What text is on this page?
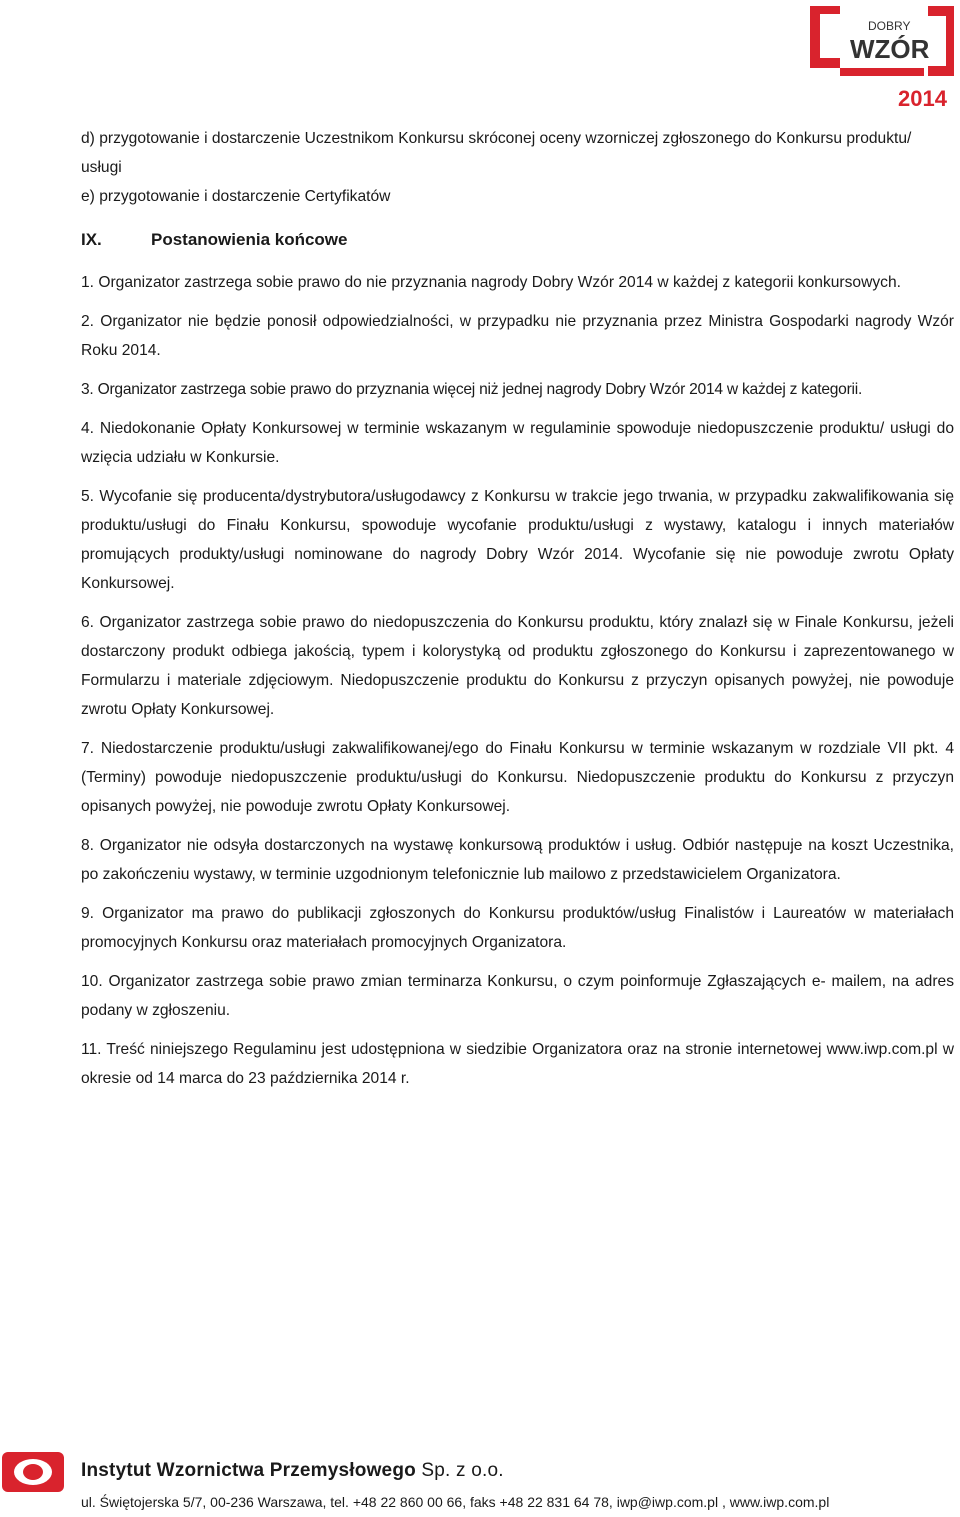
DOBRY
WZÓR
2014

d) przygotowanie i dostarczenie Uczestnikom Konkursu skróconej oceny wzorniczej zgłoszonego do Konkursu produktu/
usługi

e) przygotowanie i dostarczenie Certyfikatów

IX.	Postanowienia końcowe

1. Organizator zastrzega sobie prawo do nie przyznania nagrody Dobry Wzór 2014 w każdej z kategorii konkursowych.

2. Organizator nie będzie ponosił odpowiedzialności, w przypadku nie przyznania przez Ministra Gospodarki nagrody Wzór Roku 2014.

3. Organizator zastrzega sobie prawo do przyznania więcej niż jednej nagrody Dobry Wzór 2014 w każdej z kategorii.

4. Niedokonanie Opłaty Konkursowej w terminie wskazanym w regulaminie spowoduje niedopuszczenie produktu/ usługi do wzięcia udziału w Konkursie.

5. Wycofanie się producenta/dystrybutora/usługodawcy z Konkursu w trakcie jego trwania, w przypadku zakwalifikowania się produktu/usługi do Finału Konkursu, spowoduje wycofanie produktu/usługi z wystawy, katalogu i innych materiałów promujących produkty/usługi nominowane do nagrody Dobry Wzór 2014. Wycofanie się nie powoduje zwrotu Opłaty Konkursowej.

6. Organizator zastrzega sobie prawo do niedopuszczenia do Konkursu produktu, który znalazł się w Finale Konkursu, jeżeli dostarczony produkt odbiega jakością, typem i kolorystyką od produktu zgłoszonego do Konkursu i zaprezentowanego w Formularzu i materiale zdjęciowym. Niedopuszczenie produktu do Konkursu z przyczyn opisanych powyżej, nie powoduje zwrotu Opłaty Konkursowej.

7. Niedostarczenie produktu/usługi zakwalifikowanej/ego do Finału Konkursu w terminie wskazanym w rozdziale VII pkt. 4 (Terminy) powoduje niedopuszczenie produktu/usługi do Konkursu. Niedopuszczenie produktu do Konkursu z przyczyn opisanych powyżej, nie powoduje zwrotu Opłaty Konkursowej.

8. Organizator nie odsyła dostarczonych na wystawę konkursową produktów i usług. Odbiór następuje na koszt Uczestnika, po zakończeniu wystawy, w terminie uzgodnionym telefonicznie lub mailowo z przedstawicielem Organizatora.

9. Organizator ma prawo do publikacji zgłoszonych do Konkursu produktów/usług Finalistów i Laureatów w materiałach promocyjnych Konkursu oraz materiałach promocyjnych Organizatora.

10. Organizator zastrzega sobie prawo zmian terminarza Konkursu, o czym poinformuje Zgłaszających e- mailem, na adres podany w zgłoszeniu.

11. Treść niniejszego Regulaminu jest udostępniona w siedzibie Organizatora oraz na stronie internetowej www.iwp.com.pl w okresie od 14 marca do 23 października 2014 r.

Instytut Wzornictwa Przemysłowego Sp. z o.o.
ul. Świętojerska 5/7, 00-236 Warszawa, tel. +48 22 860 00 66, faks +48 22 831 64 78, iwp@iwp.com.pl , www.iwp.com.pl
